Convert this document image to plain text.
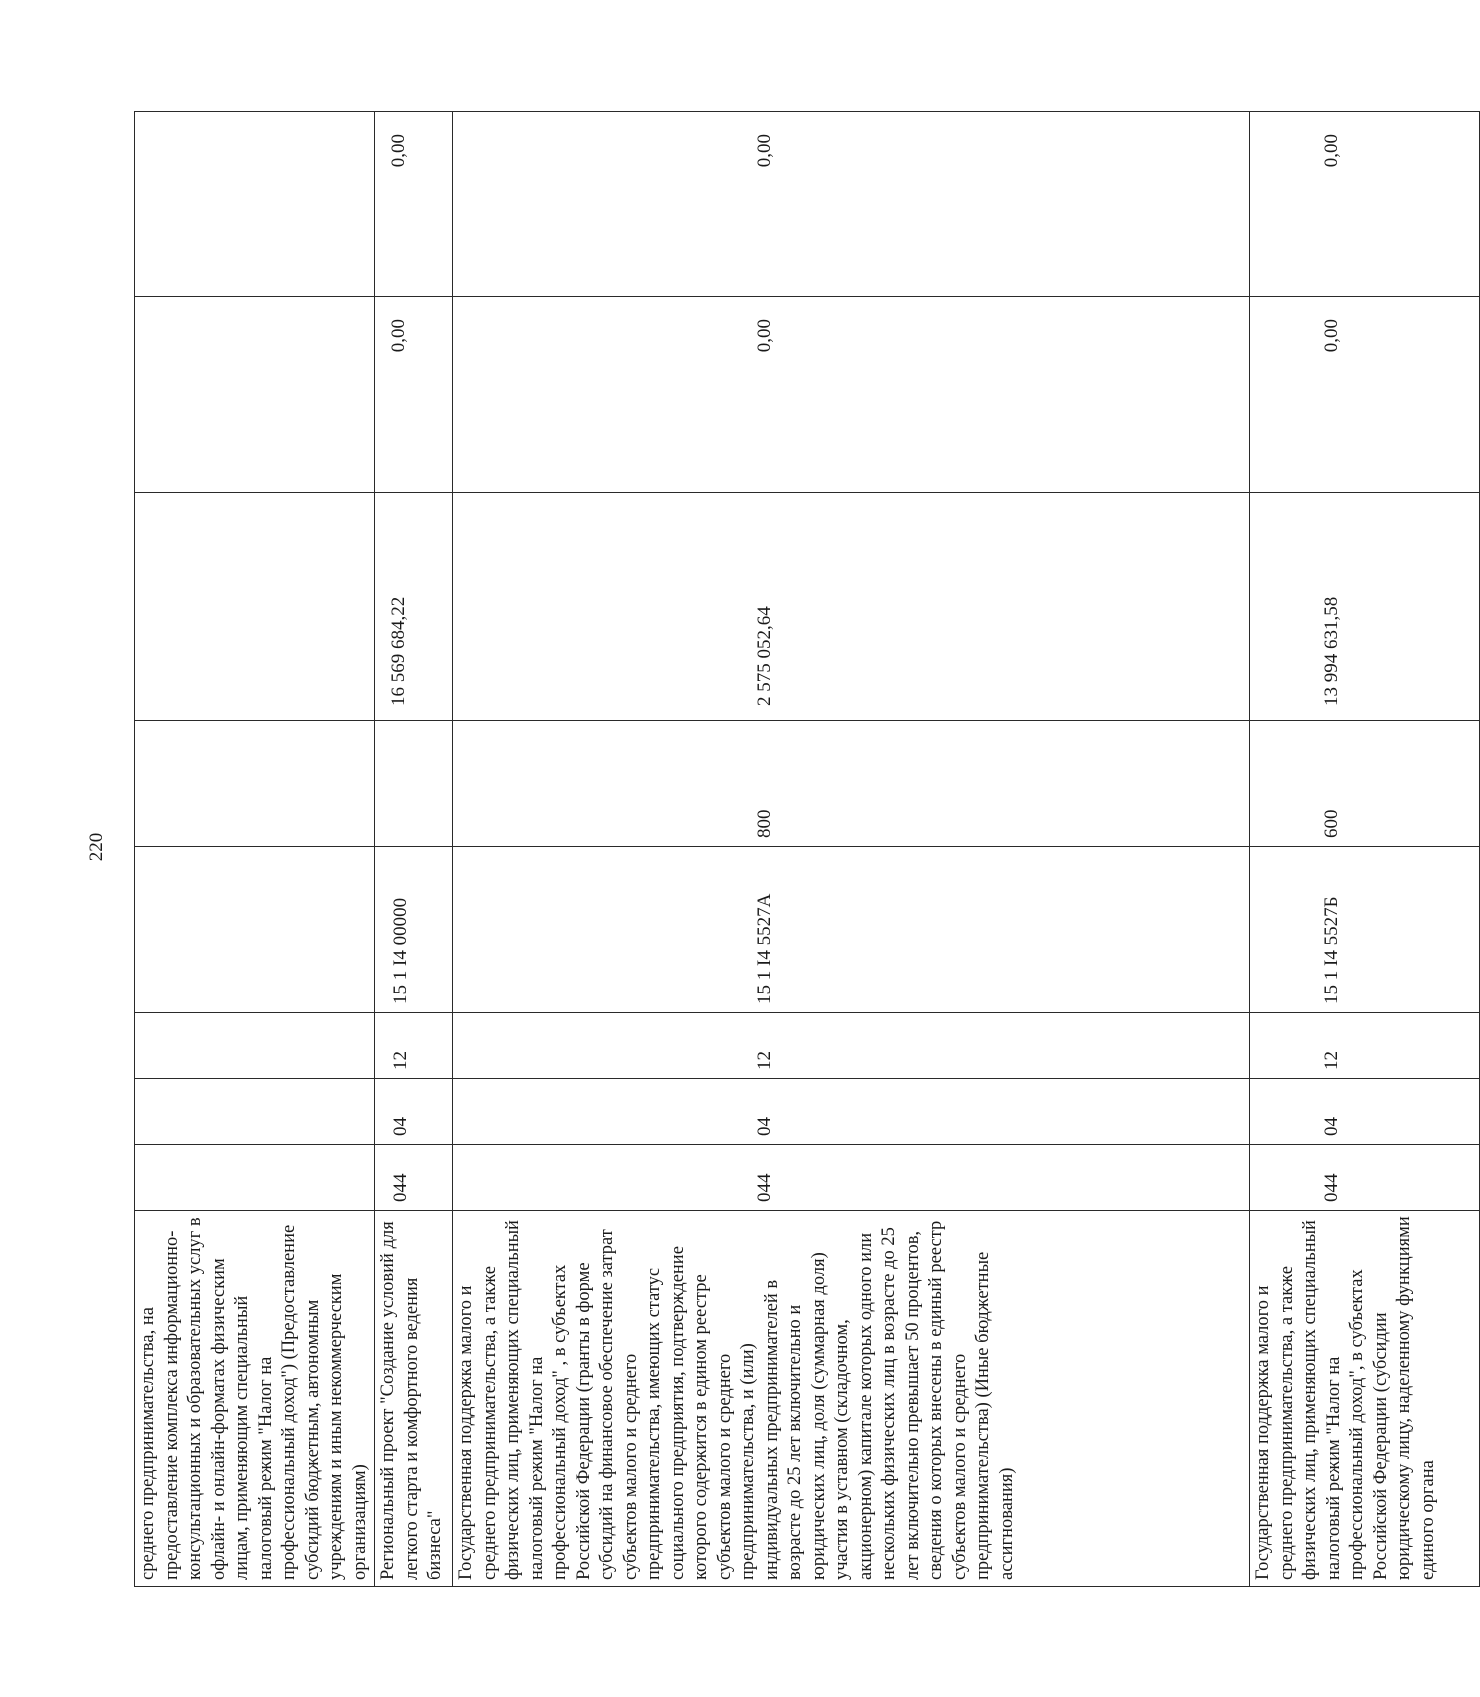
220
среднего предпринимательства, на предоставление комплекса информационно-консультационных и образовательных услуг в офлайн- и онлайн-форматах физическим лицам, применяющим специальный налоговый режим "Налог на профессиональный доход") (Предоставление субсидий бюджетным, автономным учреждениям и иным некоммерческим организациям)								
Региональный проект "Создание условий для легкого старта и комфортного ведения бизнеса"	044	04	12	15 1 I4 00000		16 569 684,22	0,00	0,00
Государственная поддержка малого и среднего предпринимательства, а также физических лиц, применяющих специальный налоговый режим "Налог на профессиональный доход" , в субъектах Российской Федерации (гранты в форме субсидий на финансовое обеспечение затрат субъектов малого и среднего предпринимательства, имеющих статус социального предприятия, подтверждение которого содержится в едином реестре субъектов малого и среднего предпринимательства, и (или) индивидуальных предпринимателей в возрасте до 25 лет включительно и юридических лиц, доля (суммарная доля) участия в уставном (складочном, акционерном) капитале которых одного или нескольких физических лиц в возрасте до 25 лет включительно превышает 50 процентов, сведения о которых внесены в единый реестр субъектов малого и среднего предпринимательства) (Иные бюджетные ассигнования)	044	04	12	15 1 I4 5527А	800	2 575 052,64	0,00	0,00
Государственная поддержка малого и среднего предпринимательства, а также физических лиц, применяющих специальный налоговый режим "Налог на профессиональный доход", в субъектах Российской Федерации (субсидии юридическому лицу, наделенному функциями единого органа	044	04	12	15 1 I4 5527Б	600	13 994 631,58	0,00	0,00
